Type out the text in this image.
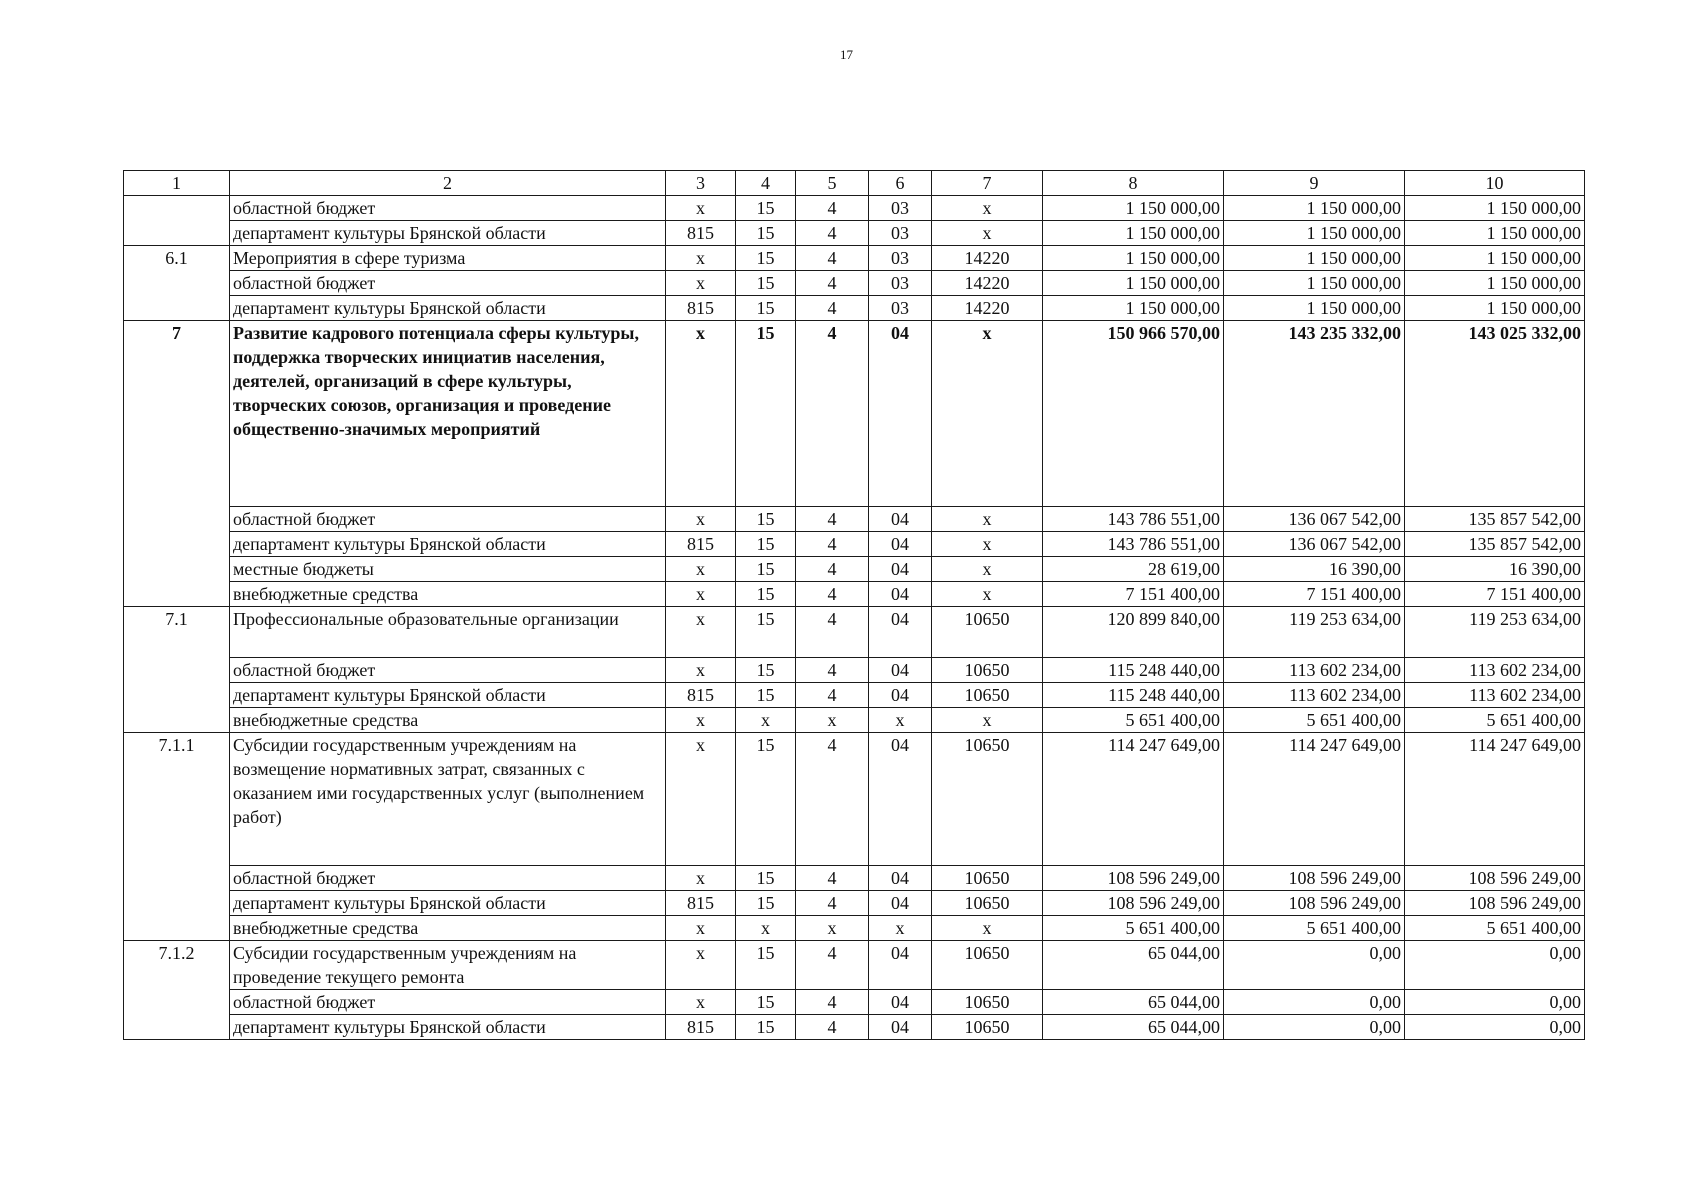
17
1	2	3	4	5	6	7	8	9	10
	областной бюджет	х	15	4	03	х	1 150 000,00	1 150 000,00	1 150 000,00
	департамент культуры Брянской области	815	15	4	03	х	1 150 000,00	1 150 000,00	1 150 000,00
6.1	Мероприятия в сфере туризма	х	15	4	03	14220	1 150 000,00	1 150 000,00	1 150 000,00
	областной бюджет	х	15	4	03	14220	1 150 000,00	1 150 000,00	1 150 000,00
	департамент культуры Брянской области	815	15	4	03	14220	1 150 000,00	1 150 000,00	1 150 000,00
7	Развитие кадрового потенциала сферы культуры, поддержка творческих инициатив населения, деятелей, организаций в сфере культуры, творческих союзов, организация и проведение общественно-значимых мероприятий	х	15	4	04	х	150 966 570,00	143 235 332,00	143 025 332,00
	областной бюджет	х	15	4	04	х	143 786 551,00	136 067 542,00	135 857 542,00
	департамент культуры Брянской области	815	15	4	04	х	143 786 551,00	136 067 542,00	135 857 542,00
	местные бюджеты	х	15	4	04	х	28 619,00	16 390,00	16 390,00
	внебюджетные средства	х	15	4	04	х	7 151 400,00	7 151 400,00	7 151 400,00
7.1	Профессиональные образовательные организации	х	15	4	04	10650	120 899 840,00	119 253 634,00	119 253 634,00
	областной бюджет	х	15	4	04	10650	115 248 440,00	113 602 234,00	113 602 234,00
	департамент культуры Брянской области	815	15	4	04	10650	115 248 440,00	113 602 234,00	113 602 234,00
	внебюджетные средства	х	х	х	х	х	5 651 400,00	5 651 400,00	5 651 400,00
7.1.1	Субсидии государственным учреждениям на возмещение нормативных затрат, связанных с оказанием ими государственных услуг (выполнением работ)	х	15	4	04	10650	114 247 649,00	114 247 649,00	114 247 649,00
	областной бюджет	х	15	4	04	10650	108 596 249,00	108 596 249,00	108 596 249,00
	департамент культуры Брянской области	815	15	4	04	10650	108 596 249,00	108 596 249,00	108 596 249,00
	внебюджетные средства	х	х	х	х	х	5 651 400,00	5 651 400,00	5 651 400,00
7.1.2	Субсидии государственным учреждениям на проведение текущего ремонта	х	15	4	04	10650	65 044,00	0,00	0,00
	областной бюджет	х	15	4	04	10650	65 044,00	0,00	0,00
	департамент культуры Брянской области	815	15	4	04	10650	65 044,00	0,00	0,00
